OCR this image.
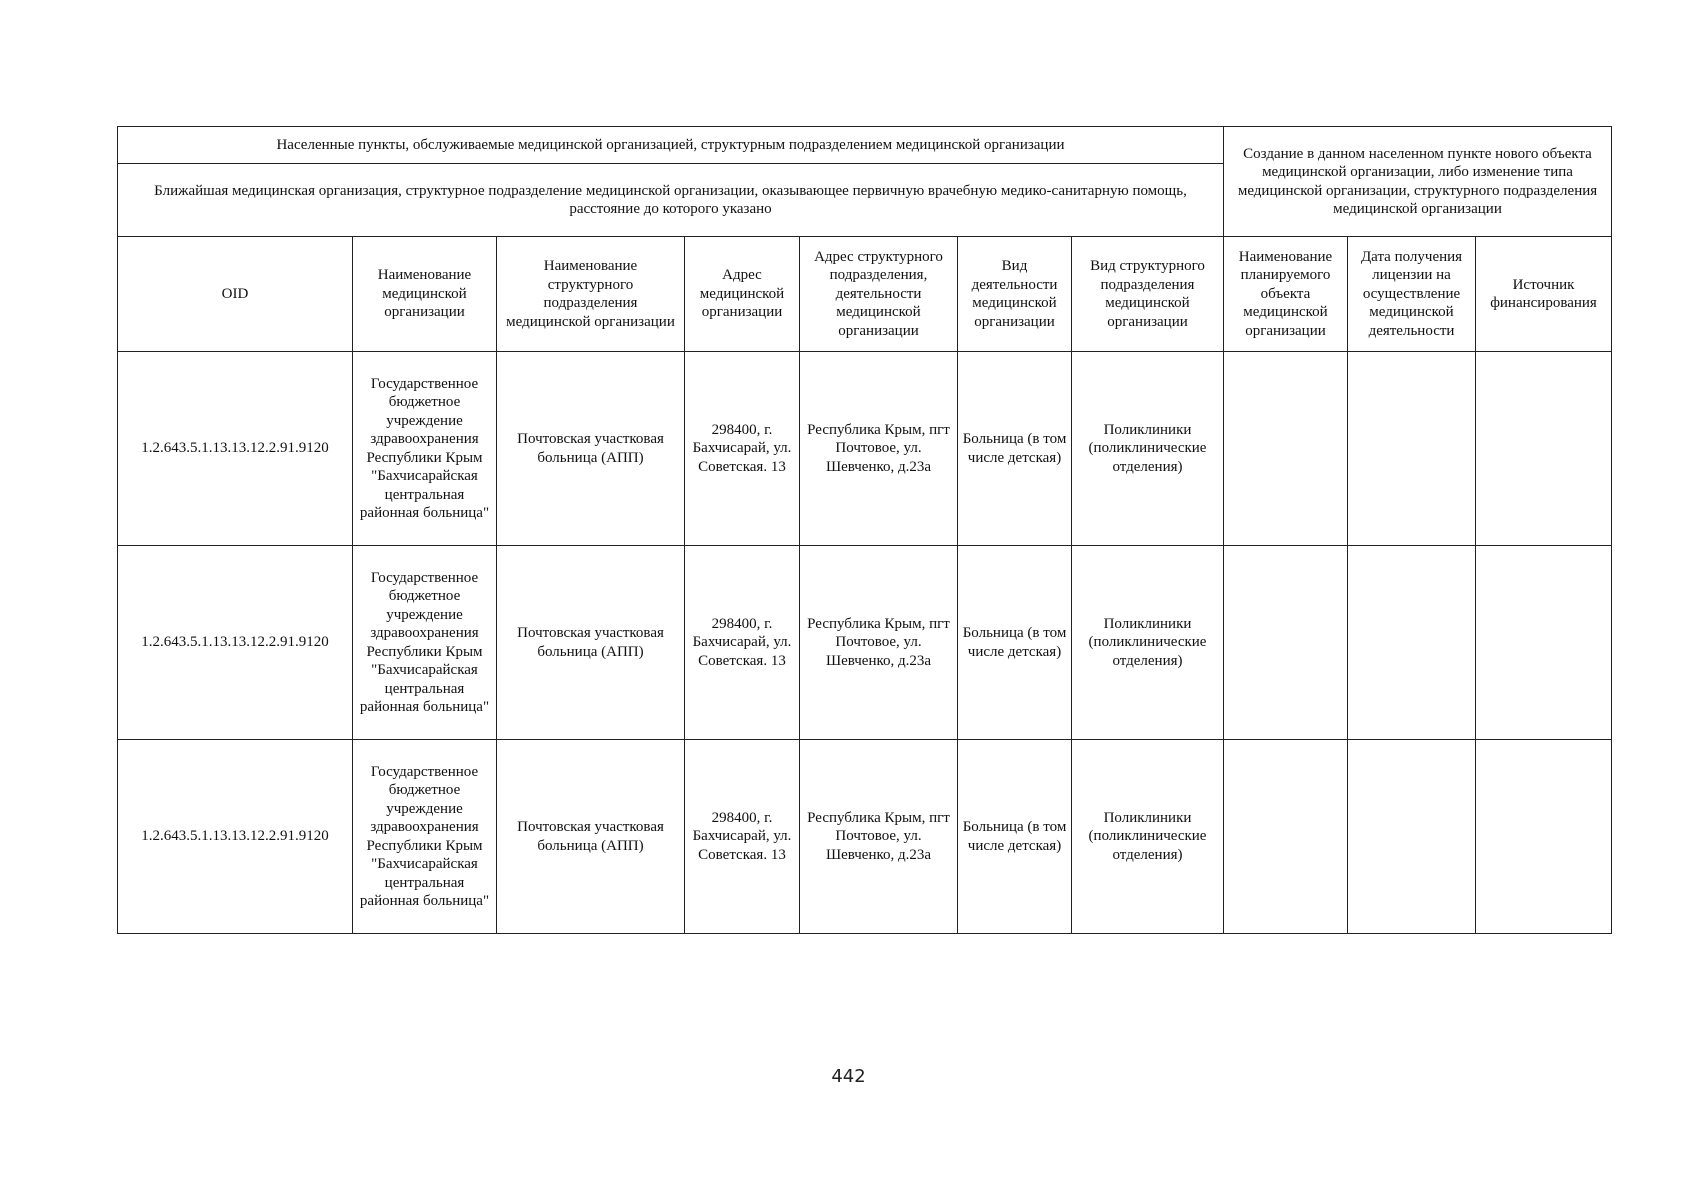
Населенные пункты, обслуживаемые медицинской организацией, структурным подразделением медицинской организации							Создание в данном населенном пункте нового объекта медицинской организации, либо изменение типа медицинской организации, структурного подразделения медицинской организации		
Ближайшая медицинская организация, структурное подразделение медицинской организации, оказывающее первичную врачебную медико-санитарную помощь, расстояние до которого указано									
OID	Наименование медицинской организации	Наименование структурного подразделения медицинской организации	Адрес медицинской организации	Адрес структурного подразделения, деятельности медицинской организации	Вид деятельности медицинской организации	Вид структурного подразделения медицинской организации	Наименование планируемого объекта медицинской организации	Дата получения лицензии на осуществление медицинской деятельности	Источник финансирования
1.2.643.5.1.13.13.12.2.91.9120	Государственное бюджетное учреждение здравоохранения Республики Крым "Бахчисарайская центральная районная больница"	Почтовская участковая больница (АПП)	298400, г. Бахчисарай, ул. Советская. 13	Республика Крым, пгт Почтовое, ул. Шевченко, д.23а	Больница (в том числе детская)	Поликлиники (поликлинические отделения)			
1.2.643.5.1.13.13.12.2.91.9120	Государственное бюджетное учреждение здравоохранения Республики Крым "Бахчисарайская центральная районная больница"	Почтовская участковая больница (АПП)	298400, г. Бахчисарай, ул. Советская. 13	Республика Крым, пгт Почтовое, ул. Шевченко, д.23а	Больница (в том числе детская)	Поликлиники (поликлинические отделения)			
1.2.643.5.1.13.13.12.2.91.9120	Государственное бюджетное учреждение здравоохранения Республики Крым "Бахчисарайская центральная районная больница"	Почтовская участковая больница (АПП)	298400, г. Бахчисарай, ул. Советская. 13	Республика Крым, пгт Почтовое, ул. Шевченко, д.23а	Больница (в том числе детская)	Поликлиники (поликлинические отделения)			
442
